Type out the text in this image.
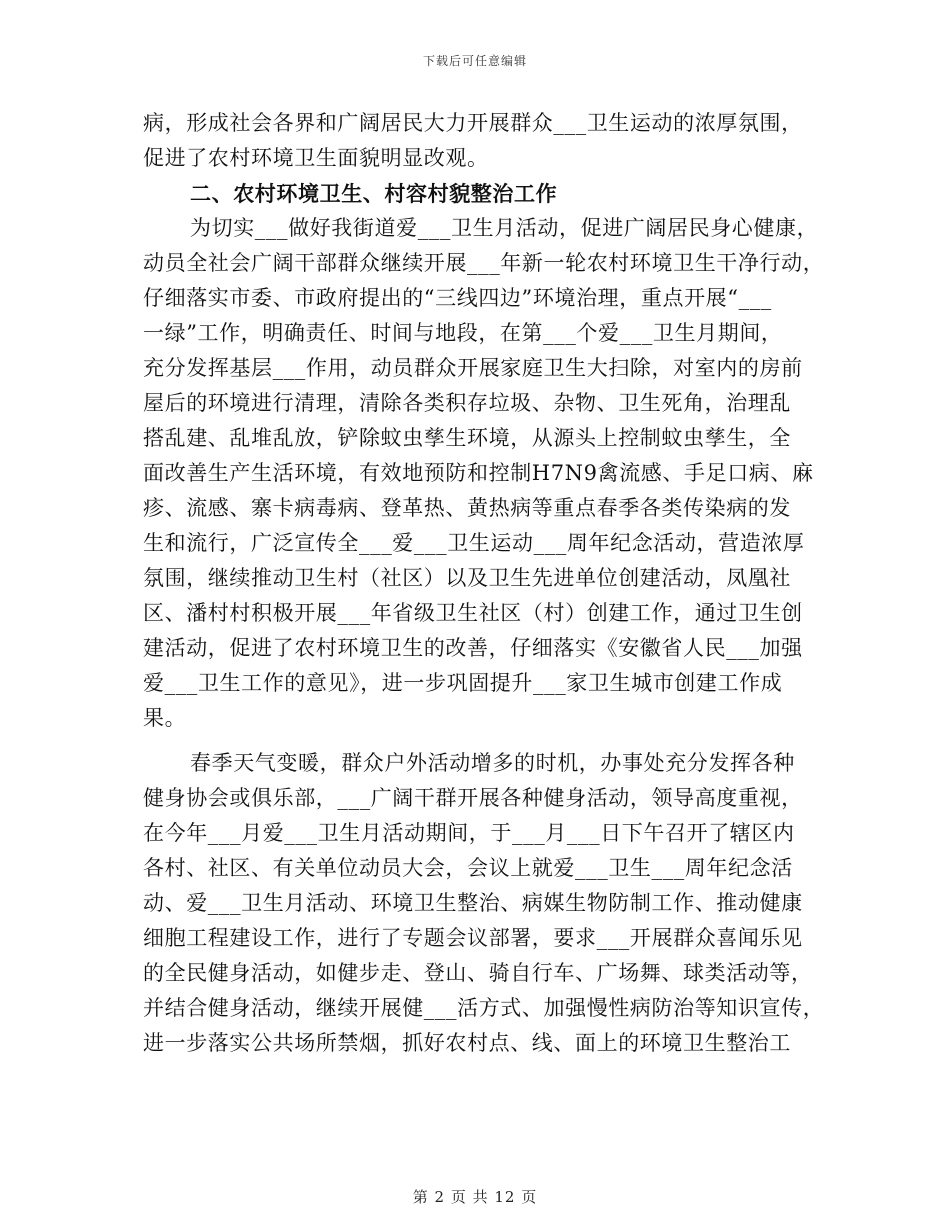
下载后可任意编辑
病，形成社会各界和广阔居民大力开展群众___卫生运动的浓厚氛围，
促进了农村环境卫生面貌明显改观。
二、农村环境卫生、村容村貌整治工作
为切实___做好我街道爱___卫生月活动，促进广阔居民身心健康，
动员全社会广阔干部群众继续开展___年新一轮农村环境卫生干净行动，
仔细落实市委、市政府提出的“三线四边”环境治理，重点开展“___
一绿”工作，明确责任、时间与地段，在第___个爱___卫生月期间，
充分发挥基层___作用，动员群众开展家庭卫生大扫除，对室内的房前
屋后的环境进行清理，清除各类积存垃圾、杂物、卫生死角，治理乱
搭乱建、乱堆乱放，铲除蚊虫孳生环境，从源头上控制蚊虫孳生，全
面改善生产生活环境，有效地预防和控制H7N9禽流感、手足口病、麻
疹、流感、寨卡病毒病、登革热、黄热病等重点春季各类传染病的发
生和流行，广泛宣传全___爱___卫生运动___周年纪念活动，营造浓厚
氛围，继续推动卫生村（社区）以及卫生先进单位创建活动，凤凰社
区、潘村村积极开展___年省级卫生社区（村）创建工作，通过卫生创
建活动，促进了农村环境卫生的改善，仔细落实《安徽省人民___加强
爱___卫生工作的意见》，进一步巩固提升___家卫生城市创建工作成
果。
春季天气变暖，群众户外活动增多的时机，办事处充分发挥各种
健身协会或俱乐部，___广阔干群开展各种健身活动，领导高度重视，
在今年___月爱___卫生月活动期间，于___月___日下午召开了辖区内
各村、社区、有关单位动员大会，会议上就爱___卫生___周年纪念活
动、爱___卫生月活动、环境卫生整治、病媒生物防制工作、推动健康
细胞工程建设工作，进行了专题会议部署，要求___开展群众喜闻乐见
的全民健身活动，如健步走、登山、骑自行车、广场舞、球类活动等，
并结合健身活动，继续开展健___活方式、加强慢性病防治等知识宣传，
进一步落实公共场所禁烟，抓好农村点、线、面上的环境卫生整治工
第 2 页 共 12 页
